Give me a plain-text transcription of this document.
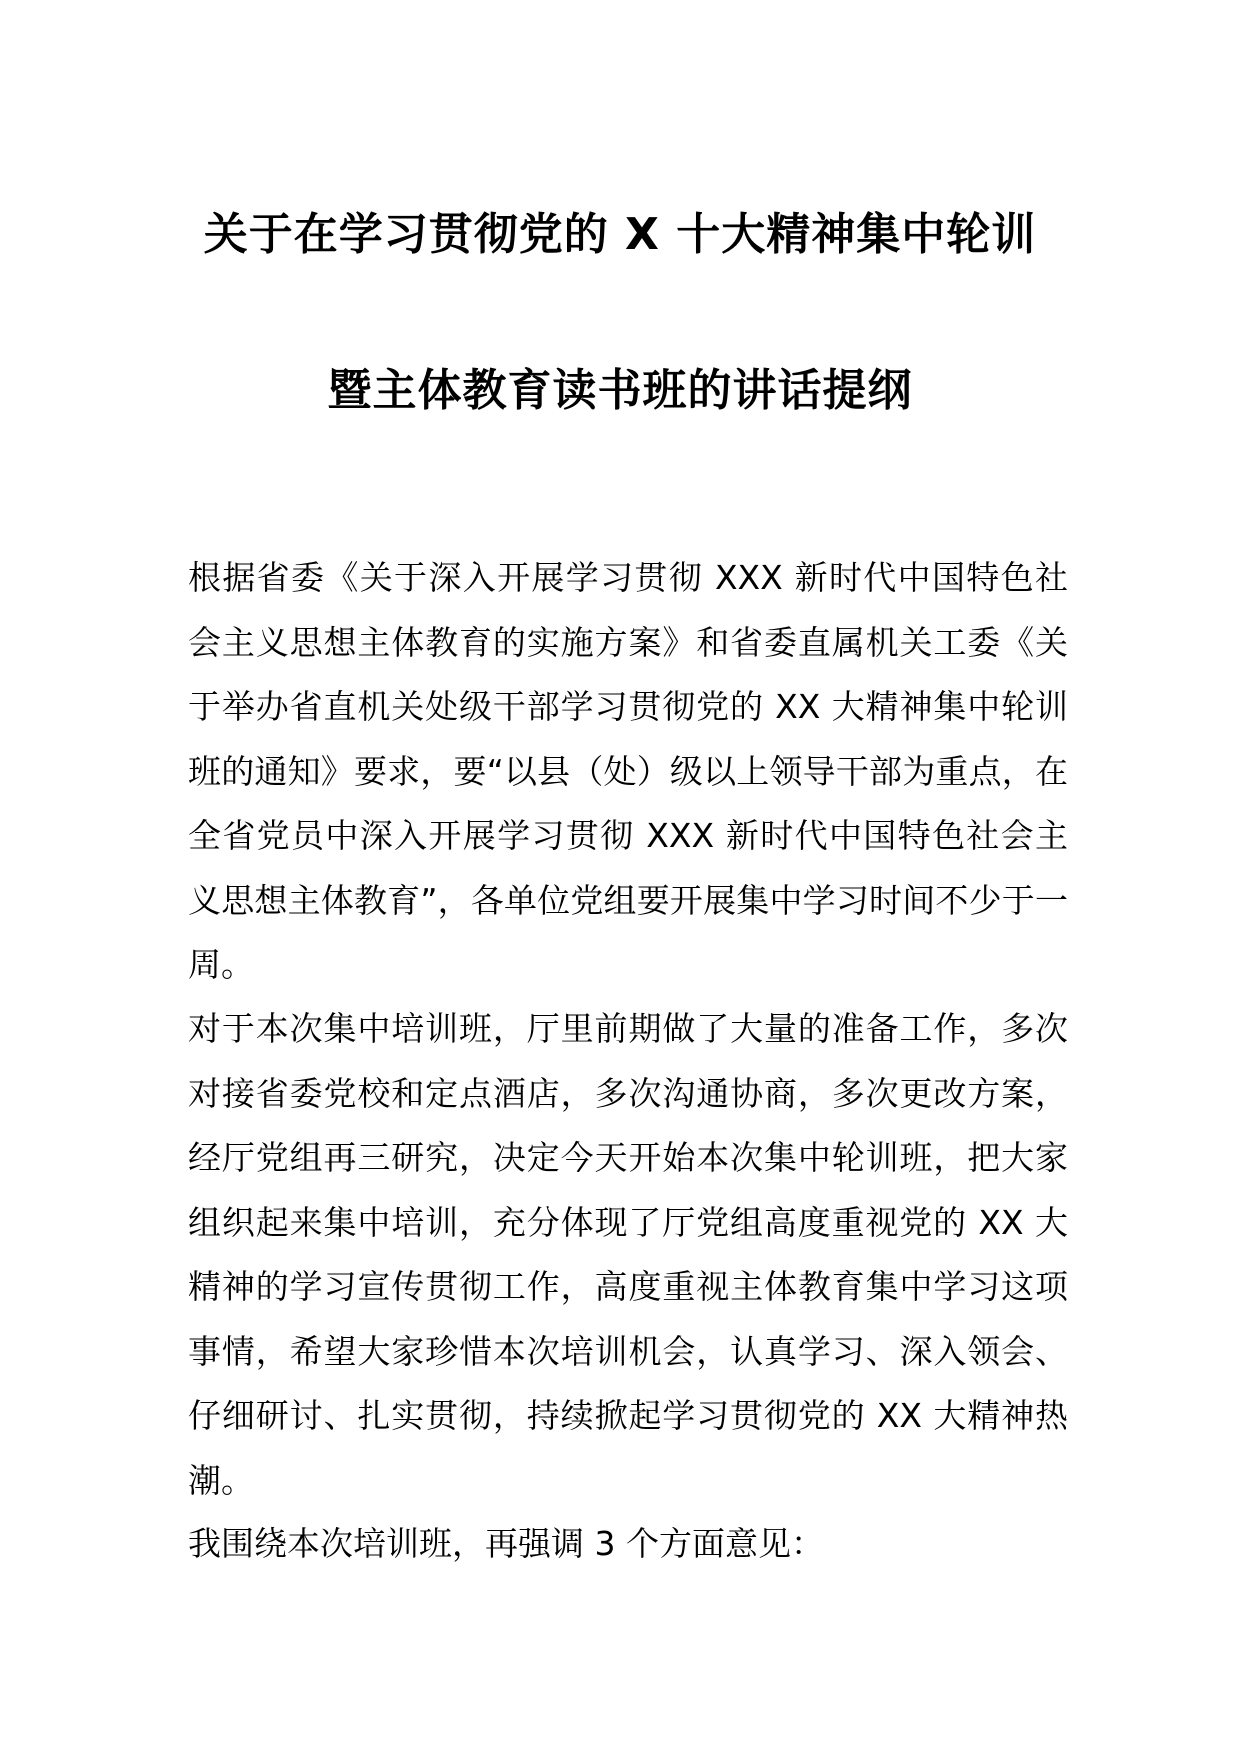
关于在学习贯彻党的 X 十大精神集中轮训
暨主体教育读书班的讲话提纲

根据省委《关于深入开展学习贯彻 XXX 新时代中国特色社会主义思想主体教育的实施方案》和省委直属机关工委《关于举办省直机关处级干部学习贯彻党的 XX 大精神集中轮训班的通知》要求，要“以县（处）级以上领导干部为重点，在全省党员中深入开展学习贯彻 XXX 新时代中国特色社会主义思想主体教育”，各单位党组要开展集中学习时间不少于一周。

对于本次集中培训班，厅里前期做了大量的准备工作，多次对接省委党校和定点酒店，多次沟通协商，多次更改方案，经厅党组再三研究，决定今天开始本次集中轮训班，把大家组织起来集中培训，充分体现了厅党组高度重视党的 XX 大精神的学习宣传贯彻工作，高度重视主体教育集中学习这项事情，希望大家珍惜本次培训机会，认真学习、深入领会、仔细研讨、扎实贯彻，持续掀起学习贯彻党的 XX 大精神热潮。

我围绕本次培训班，再强调 3 个方面意见：
